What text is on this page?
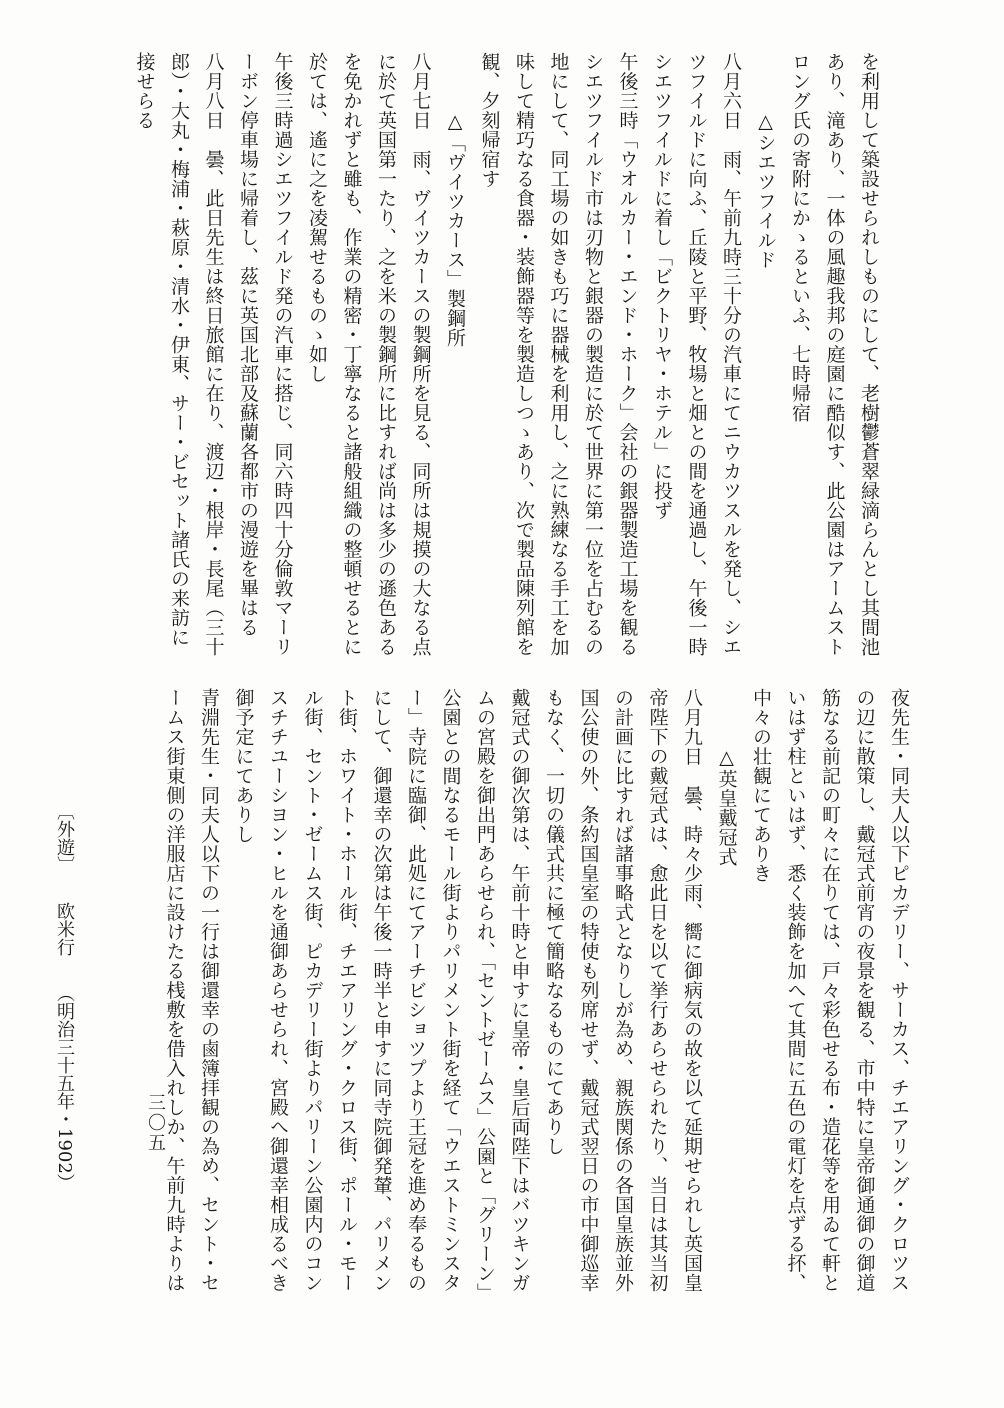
を利用して築設せられしものにして、老樹鬱蒼翠緑滴らんとし其間池

あり、滝あり、一体の風趣我邦の庭園に酷似す、此公園はアームスト

ロング氏の寄附にかゝるといふ、七時帰宿

　　　△シエツフイルド

八月六日　雨、午前九時三十分の汽車にてニウカツスルを発し、シエ

ツフイルドに向ふ、丘陵と平野、牧場と畑との間を通過し、午後一時

シエツフイルドに着し「ビクトリヤ・ホテル」に投ず

午後三時「ウオルカー・エンド・ホーク」会社の銀器製造工場を観る

シエツフイルド市は刃物と銀器の製造に於て世界に第一位を占むるの

地にして、同工場の如きも巧に器械を利用し、之に熟練なる手工を加

味して精巧なる食器・装飾器等を製造しつゝあり、次で製品陳列館を

観、夕刻帰宿す

　　　△「ヴイツカース」製鋼所

八月七日　雨、ヴイツカースの製鋼所を見る、同所は規摸の大なる点

に於て英国第一たり、之を米の製鋼所に比すれば尚は多少の遜色ある

を免かれずと雖も、作業の精密・丁寧なると諸般組織の整頓せるとに

於ては、遙に之を凌駕せるものゝ如し

午後三時過シエツフイルド発の汽車に搭じ、同六時四十分倫敦マーリ

ーボン停車場に帰着し、茲に英国北部及蘇蘭各都市の漫遊を畢はる

八月八日　曇、此日先生は終日旅館に在り、渡辺・根岸・長尾（三十

郎）・大丸・梅浦・萩原・清水・伊東、サー・ビセット諸氏の来訪に

接せらる

夜先生・同夫人以下ピカデリー、サーカス、チエアリング・クロツス

の辺に散策し、戴冠式前宵の夜景を観る、市中特に皇帝御通御の御道

筋なる前記の町々に在りては、戸々彩色せる布・造花等を用ゐて軒と

いはず柱といはず、悉く装飾を加へて其間に五色の電灯を点ずる抔、

中々の壮観にてありき

　　　△英皇戴冠式

八月九日　曇、時々少雨、嚮に御病気の故を以て延期せられし英国皇

帝陛下の戴冠式は、愈此日を以て挙行あらせられたり、当日は其当初

の計画に比すれば諸事略式となりしが為め、親族関係の各国皇族並外

国公使の外、条約国皇室の特使も列席せず、戴冠式翌日の市中御巡幸

もなく、一切の儀式共に極て簡略なるものにてありし

戴冠式の御次第は、午前十時と申すに皇帝・皇后両陛下はバツキンガ

ムの宮殿を御出門あらせられ、「セントゼームス」公園と「グリーン」

公園との間なるモール街よりパリメント街を経て「ウエストミンスタ

ー」寺院に臨御、此処にてアーチビショツプより王冠を進め奉るもの

にして、御還幸の次第は午後一時半と申すに同寺院御発輦、パリメン

ト街、ホワイト・ホール街、チエアリング・クロス街、ポール・モー

ル街、セント・ゼームス街、ピカデリー街よりパリーン公園内のコン

スチチユーシヨン・ヒルを通御あらせられ、宮殿へ御還幸相成るべき

御予定にてありし

青淵先生・同夫人以下の一行は御還幸の鹵簿拝観の為め、セント・セ

ームス街東側の洋服店に設けたる桟敷を借入れしか、午前九時よりは

〔外遊〕欧米行（明治三十五年・1902）	三〇五
